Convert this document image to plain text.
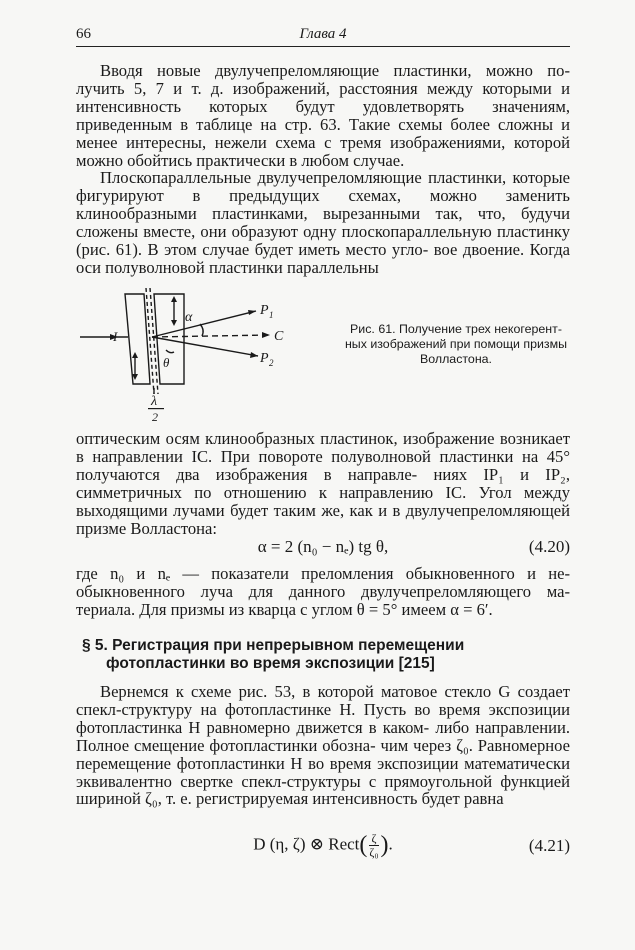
66	Глава 4

Вводя новые двулучепреломляющие пластинки, можно по- лучить 5, 7 и т. д. изображений, расстояния между которыми и интенсивность которых будут удовлетворять значениям, приведенным в таблице на стр. 63. Такие схемы более сложны и менее интересны, нежели схема с тремя изображениями, которой можно обойтись практически в любом случае.

Плоскопараллельные двулучепреломляющие пластинки, которые фигурируют в предыдущих схемах, можно заменить клинообразными пластинками, вырезанными так, что, будучи сложены вместе, они образуют одну плоскопараллельную пластинку (рис. 61). В этом случае будет иметь место угло- вое двоение. Когда оси полуволновой пластинки параллельны

I
α
θ
P 1
C
P 2
λ
2
Рис. 61. Получение трех некогерент-
ных изображений при помощи призмы
Волластона.

оптическим осям клинообразных пластинок, изображение возникает в направлении IC. При повороте полуволновой пластинки на 45° получаются два изображения в направле- ниях IP₁ и IP₂, симметричных по отношению к направлению IC. Угол между выходящими лучами будет таким же, как и в двулучепреломляющей призме Волластона:

α = 2 (n₀ − nₑ) tg θ,	(4.20)

где n₀ и nₑ — показатели преломления обыкновенного и не- обыкновенного луча для данного двулучепреломляющего ма- териала. Для призмы из кварца с углом θ = 5° имеем α = 6′.

§ 5. Регистрация при непрерывном перемещении
фотопластинки во время экспозиции [215]

Вернемся к схеме рис. 53, в которой матовое стекло G создает спекл-структуру на фотопластинке H. Пусть во время экспозиции фотопластинка H равномерно движется в каком- либо направлении. Полное смещение фотопластинки обозна- чим через ζ₀. Равномерное перемещение фотопластинки H во время экспозиции математически эквивалентно свертке спекл-структуры с прямоугольной функцией шириной ζ₀, т. е. регистрируемая интенсивность будет равна

D (η, ζ) ⊗ Rect( $\frac{\zeta}{\text{ζ₀}}$ ).	(4.21)
